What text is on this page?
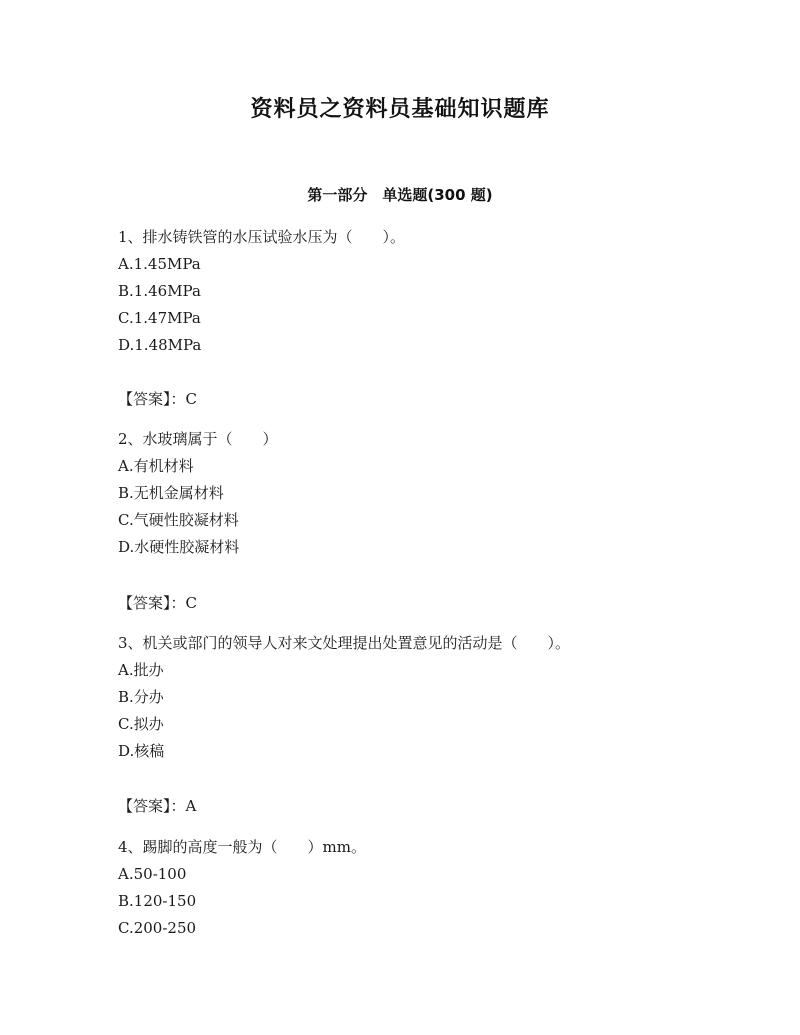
资料员之资料员基础知识题库
第一部分　单选题(300 题)
1、排水铸铁管的水压试验水压为（　　）。
A.1.45MPa
B.1.46MPa
C.1.47MPa
D.1.48MPa
【答案】：C
2、水玻璃属于（　　）
A.有机材料
B.无机金属材料
C.气硬性胶凝材料
D.水硬性胶凝材料
【答案】：C
3、机关或部门的领导人对来文处理提出处置意见的活动是（　　）。
A.批办
B.分办
C.拟办
D.核稿
【答案】：A
4、踢脚的高度一般为（　　）mm。
A.50-100
B.120-150
C.200-250
